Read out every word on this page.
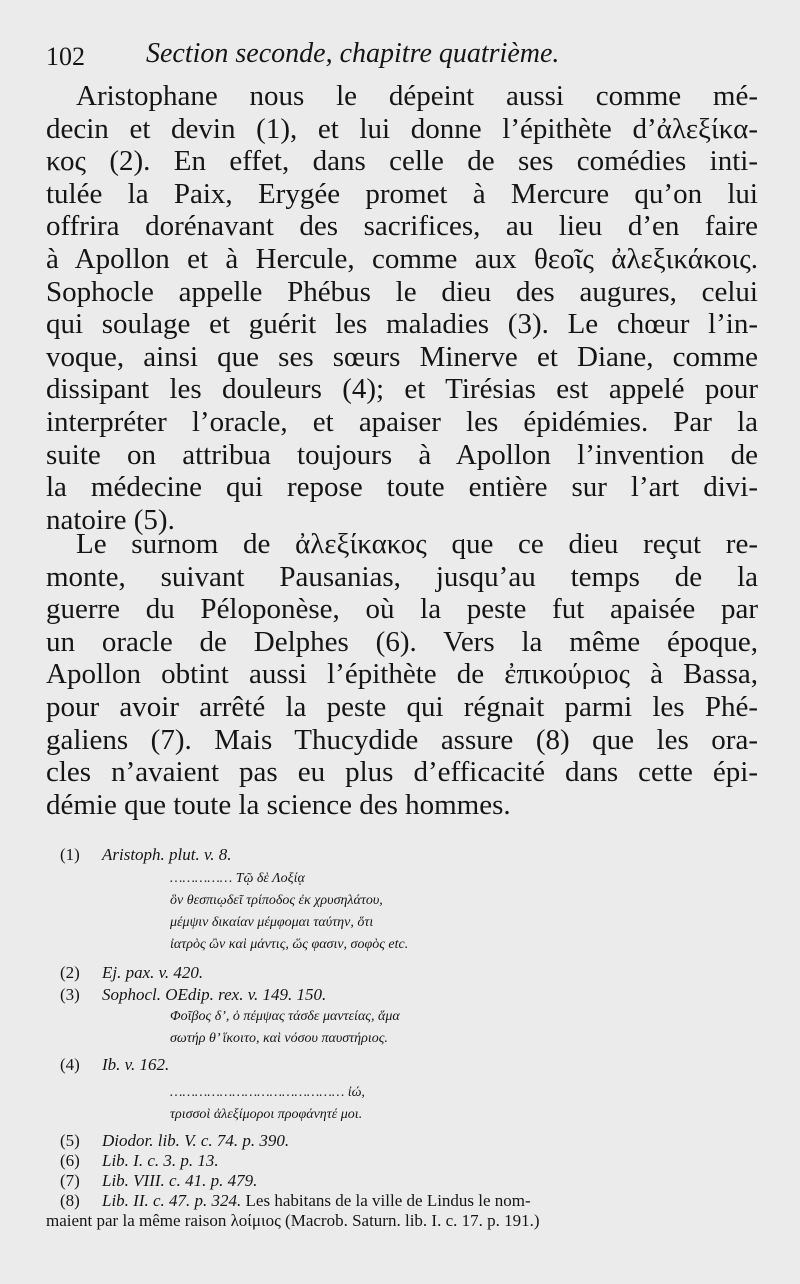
102 Section seconde, chapitre quatrième.
Aristophane nous le dépeint aussi comme mé-
decin et devin (1), et lui donne l’épithète d’ἀλεξίκα-
κος (2). En effet, dans celle de ses comédies inti-
tulée la Paix, Erygée promet à Mercure qu’on lui
offrira dorénavant des sacrifices, au lieu d’en faire
à Apollon et à Hercule, comme aux θεοῖς ἀλεξικάκοις.
Sophocle appelle Phébus le dieu des augures, celui
qui soulage et guérit les maladies (3). Le chœur l’in-
voque, ainsi que ses sœurs Minerve et Diane, comme
dissipant les douleurs (4); et Tirésias est appelé pour
interpréter l’oracle, et apaiser les épidémies. Par la
suite on attribua toujours à Apollon l’invention de
la médecine qui repose toute entière sur l’art divi-
natoire (5).
Le surnom de ἀλεξίκακος que ce dieu reçut re-
monte, suivant Pausanias, jusqu’au temps de la
guerre du Péloponèse, où la peste fut apaisée par
un oracle de Delphes (6). Vers la même époque,
Apollon obtint aussi l’épithète de ἐπικούριος à Bassa,
pour avoir arrêté la peste qui régnait parmi les Phé-
galiens (7). Mais Thucydide assure (8) que les ora-
cles n’avaient pas eu plus d’efficacité dans cette épi-
démie que toute la science des hommes.
(1) Aristoph. plut. v. 8.
…………… Τῷ δὲ Λοξίᾳ
ὃν θεσπιῳδεῖ τρίποδος ἐκ χρυσηλάτου,
μέμψιν δικαίαν μέμφομαι ταύτην, ὅτι
ἰατρὸς ὢν καὶ μάντις, ὥς φασιν, σοφὸς etc.
(2) Ej. pax. v. 420.
(3) Sophocl. OEdip. rex. v. 149. 150.
Φοῖβος δ’, ὁ πέμψας τάσδε μαντείας, ἅμα
σωτήρ θ’ ἵκοιτο, καὶ νόσου παυστήριος.
(4) Ib. v. 162.
…………………………………… ἰώ,
τρισσοὶ ἀλεξίμοροι προφάνητέ μοι.
(5) Diodor. lib. V. c. 74. p. 390.
(6) Lib. I. c. 3. p. 13.
(7) Lib. VIII. c. 41. p. 479.
(8) Lib. II. c. 47. p. 324. Les habitans de la ville de Lindus le nom-
maient par la même raison λοίμιος (Macrob. Saturn. lib. I. c. 17. p. 191.)
